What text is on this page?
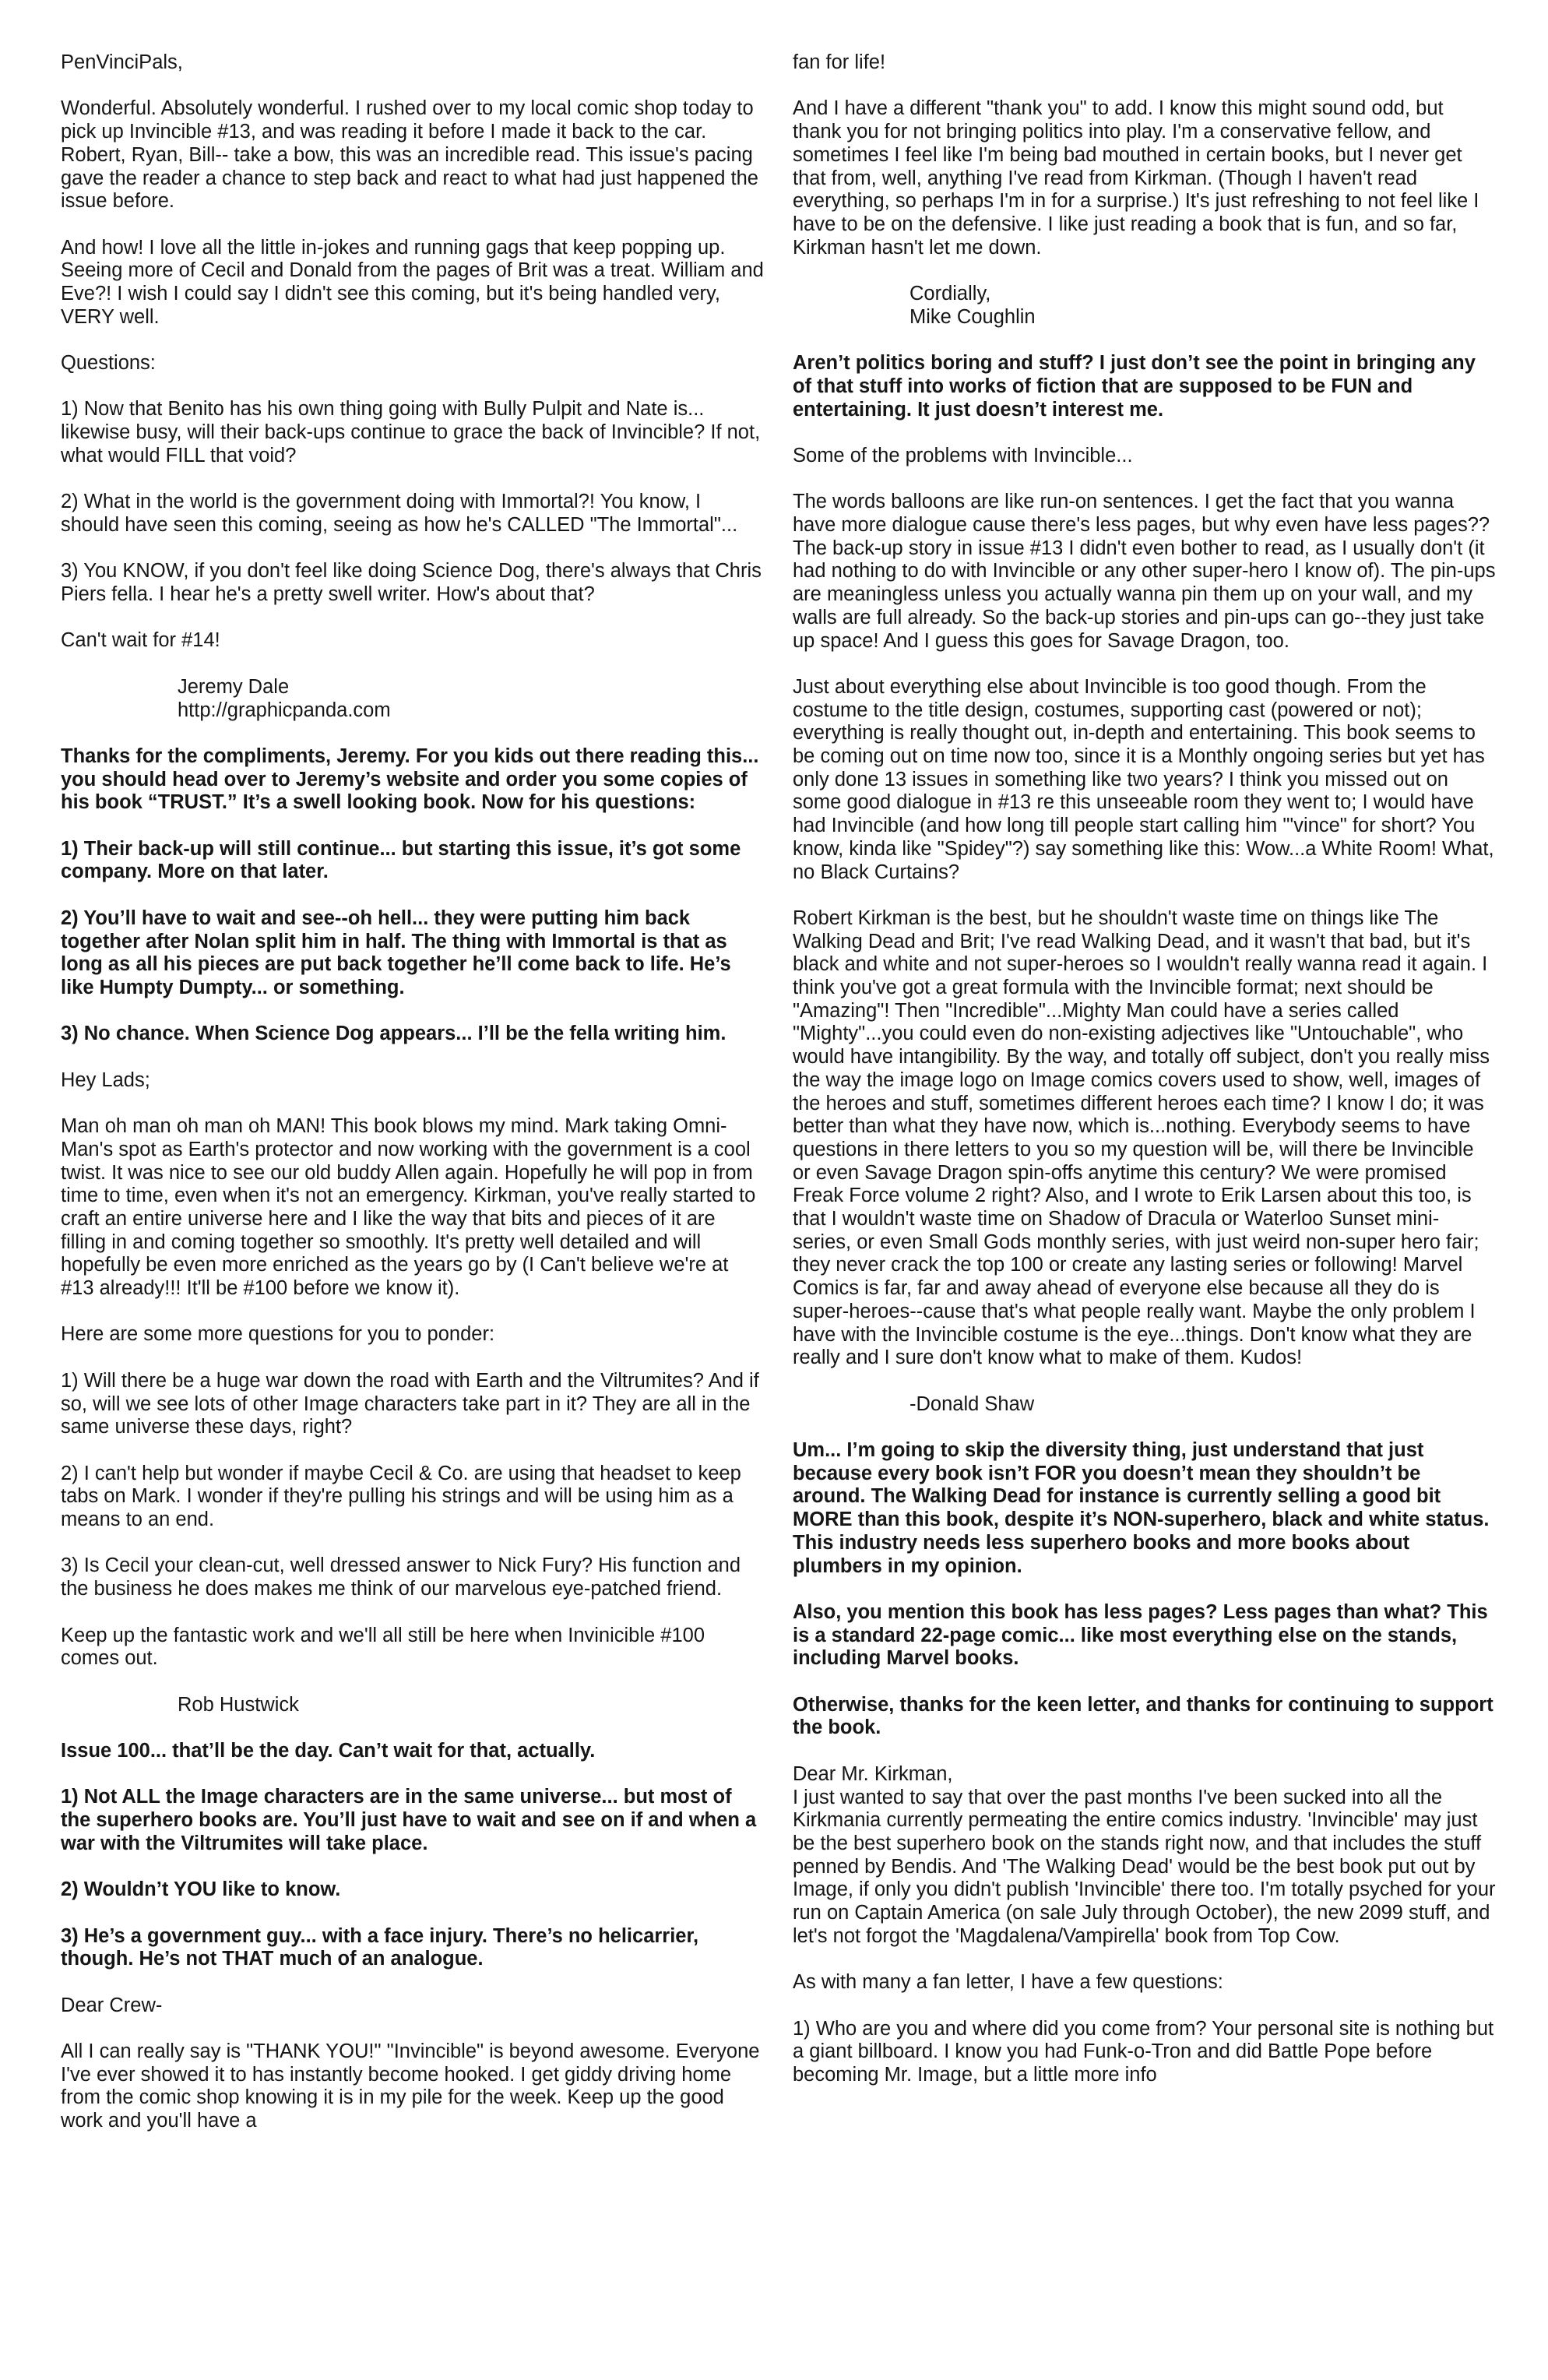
PenVinciPals,

Wonderful. Absolutely wonderful. I rushed over to my local comic shop today to pick up Invincible #13, and was reading it before I made it back to the car. Robert, Ryan, Bill-- take a bow, this was an incredible read. This issue's pacing gave the reader a chance to step back and react to what had just happened the issue before.

And how! I love all the little in-jokes and running gags that keep popping up. Seeing more of Cecil and Donald from the pages of Brit was a treat. William and Eve?! I wish I could say I didn't see this coming, but it's being handled very, VERY well.

Questions:

1) Now that Benito has his own thing going with Bully Pulpit and Nate is... likewise busy, will their back-ups continue to grace the back of Invincible? If not, what would FILL that void?

2) What in the world is the government doing with Immortal?! You know, I should have seen this coming, seeing as how he's CALLED "The Immortal"...

3) You KNOW, if you don't feel like doing Science Dog, there's always that Chris Piers fella. I hear he's a pretty swell writer. How's about that?

Can't wait for #14!

Jeremy Dale
http://graphicpanda.com

Thanks for the compliments, Jeremy. For you kids out there reading this... you should head over to Jeremy’s website and order you some copies of his book “TRUST.” It’s a swell looking book. Now for his questions:

1) Their back-up will still continue... but starting this issue, it’s got some company. More on that later.

2) You’ll have to wait and see--oh hell... they were putting him back together after Nolan split him in half. The thing with Immortal is that as long as all his pieces are put back together he’ll come back to life. He’s like Humpty Dumpty... or something.

3) No chance. When Science Dog appears... I’ll be the fella writing him.

Hey Lads;

Man oh man oh man oh MAN! This book blows my mind. Mark taking Omni-Man's spot as Earth's protector and now working with the government is a cool twist. It was nice to see our old buddy Allen again. Hopefully he will pop in from time to time, even when it's not an emergency. Kirkman, you've really started to craft an entire universe here and I like the way that bits and pieces of it are filling in and coming together so smoothly. It's pretty well detailed and will hopefully be even more enriched as the years go by (I Can't believe we're at #13 already!!! It'll be #100 before we know it).

Here are some more questions for you to ponder:

1) Will there be a huge war down the road with Earth and the Viltrumites? And if so, will we see lots of other Image characters take part in it? They are all in the same universe these days, right?

2) I can't help but wonder if maybe Cecil & Co. are using that headset to keep tabs on Mark. I wonder if they're pulling his strings and will be using him as a means to an end.

3) Is Cecil your clean-cut, well dressed answer to Nick Fury? His function and the business he does makes me think of our marvelous eye-patched friend.

Keep up the fantastic work and we'll all still be here when Invinicible #100 comes out.

Rob Hustwick

Issue 100... that’ll be the day. Can’t wait for that, actually.

1) Not ALL the Image characters are in the same universe... but most of the superhero books are. You’ll just have to wait and see on if and when a war with the Viltrumites will take place.

2) Wouldn’t YOU like to know.

3) He’s a government guy... with a face injury. There’s no helicarrier, though. He’s not THAT much of an analogue.

Dear Crew-

All I can really say is "THANK YOU!" "Invincible" is beyond awesome. Everyone I've ever showed it to has instantly become hooked. I get giddy driving home from the comic shop knowing it is in my pile for the week. Keep up the good work and you'll have a

fan for life!

And I have a different "thank you" to add. I know this might sound odd, but thank you for not bringing politics into play. I'm a conservative fellow, and sometimes I feel like I'm being bad mouthed in certain books, but I never get that from, well, anything I've read from Kirkman. (Though I haven't read everything, so perhaps I'm in for a surprise.) It's just refreshing to not feel like I have to be on the defensive. I like just reading a book that is fun, and so far, Kirkman hasn't let me down.

Cordially,
Mike Coughlin

Aren’t politics boring and stuff? I just don’t see the point in bringing any of that stuff into works of fiction that are supposed to be FUN and entertaining. It just doesn’t interest me.

Some of the problems with Invincible...

The words balloons are like run-on sentences. I get the fact that you wanna have more dialogue cause there's less pages, but why even have less pages?? The back-up story in issue #13 I didn't even bother to read, as I usually don't (it had nothing to do with Invincible or any other super-hero I know of). The pin-ups are meaningless unless you actually wanna pin them up on your wall, and my walls are full already. So the back-up stories and pin-ups can go--they just take up space! And I guess this goes for Savage Dragon, too.

Just about everything else about Invincible is too good though. From the costume to the title design, costumes, supporting cast (powered or not); everything is really thought out, in-depth and entertaining. This book seems to be coming out on time now too, since it is a Monthly ongoing series but yet has only done 13 issues in something like two years? I think you missed out on some good dialogue in #13 re this unseeable room they went to; I would have had Invincible (and how long till people start calling him "'vince" for short? You know, kinda like "Spidey"?) say something like this: Wow...a White Room! What, no Black Curtains?

Robert Kirkman is the best, but he shouldn't waste time on things like The Walking Dead and Brit; I've read Walking Dead, and it wasn't that bad, but it's black and white and not super-heroes so I wouldn't really wanna read it again. I think you've got a great formula with the Invincible format; next should be "Amazing"! Then "Incredible"...Mighty Man could have a series called "Mighty"...you could even do non-existing adjectives like "Untouchable", who would have intangibility. By the way, and totally off subject, don't you really miss the way the image logo on Image comics covers used to show, well, images of the heroes and stuff, sometimes different heroes each time? I know I do; it was better than what they have now, which is...nothing. Everybody seems to have questions in there letters to you so my question will be, will there be Invincible or even Savage Dragon spin-offs anytime this century? We were promised Freak Force volume 2 right? Also, and I wrote to Erik Larsen about this too, is that I wouldn't waste time on Shadow of Dracula or Waterloo Sunset mini-series, or even Small Gods monthly series, with just weird non-super hero fair; they never crack the top 100 or create any lasting series or following! Marvel Comics is far, far and away ahead of everyone else because all they do is super-heroes--cause that's what people really want. Maybe the only problem I have with the Invincible costume is the eye...things. Don't know what they are really and I sure don't know what to make of them. Kudos!

-Donald Shaw

Um... I’m going to skip the diversity thing, just understand that just because every book isn’t FOR you doesn’t mean they shouldn’t be around. The Walking Dead for instance is currently selling a good bit MORE than this book, despite it’s NON-superhero, black and white status. This industry needs less superhero books and more books about plumbers in my opinion.

Also, you mention this book has less pages? Less pages than what? This is a standard 22-page comic... like most everything else on the stands, including Marvel books.

Otherwise, thanks for the keen letter, and thanks for continuing to support the book.

Dear Mr. Kirkman,

I just wanted to say that over the past months I've been sucked into all the Kirkmania currently permeating the entire comics industry. 'Invincible' may just be the best superhero book on the stands right now, and that includes the stuff penned by Bendis. And 'The Walking Dead' would be the best book put out by Image, if only you didn't publish 'Invincible' there too. I'm totally psyched for your run on Captain America (on sale July through October), the new 2099 stuff, and let's not forgot the 'Magdalena/Vampirella' book from Top Cow.

As with many a fan letter, I have a few questions:

1) Who are you and where did you come from? Your personal site is nothing but a giant billboard. I know you had Funk-o-Tron and did Battle Pope before becoming Mr. Image, but a little more info
